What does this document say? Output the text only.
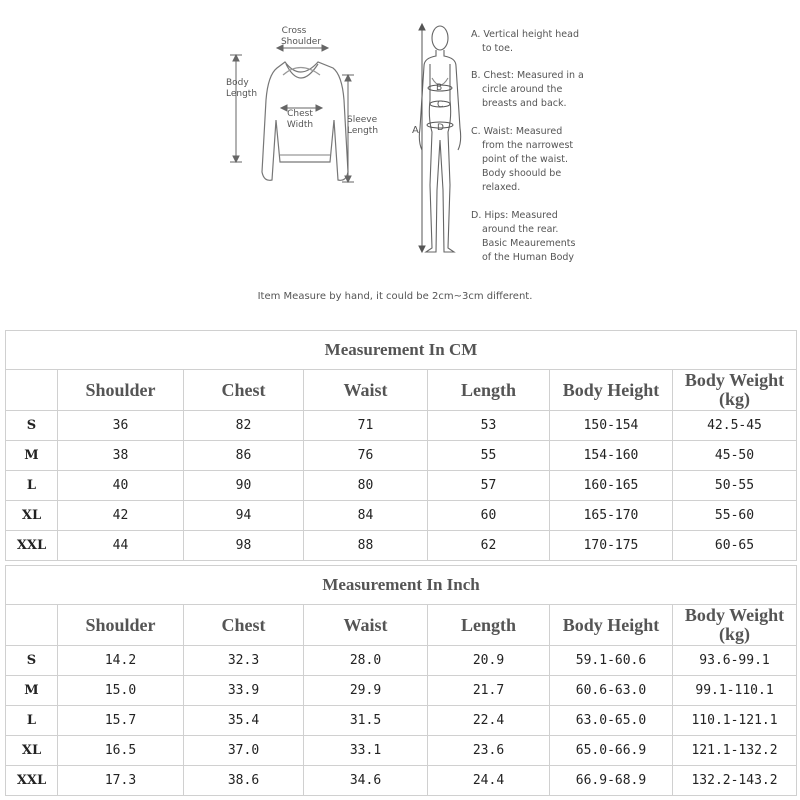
Cross
Shoulder
Body
Length
Chest
Width	Sleeve
Length	A
B
C
D
A. Vertical height head
to toe.
B. Chest: Measured in a
circle around the
breasts and back.
C. Waist: Measured
from the narrowest
point of the waist.
Body shoould be
relaxed.
D. Hips: Measured
around the rear.
Basic Meaurements
of the Human Body
Item Measure by hand, it could be 2cm~3cm different.
Measurement In CM						
	Shoulder	Chest	Waist	Length	Body Height	Body Weight (kg)
S	36	82	71	53	150-154	42.5-45
M	38	86	76	55	154-160	45-50
L	40	90	80	57	160-165	50-55
XL	42	94	84	60	165-170	55-60
XXL	44	98	88	62	170-175	60-65
Measurement In Inch						
	Shoulder	Chest	Waist	Length	Body Height	Body Weight (kg)
S	14.2	32.3	28.0	20.9	59.1-60.6	93.6-99.1
M	15.0	33.9	29.9	21.7	60.6-63.0	99.1-110.1
L	15.7	35.4	31.5	22.4	63.0-65.0	110.1-121.1
XL	16.5	37.0	33.1	23.6	65.0-66.9	121.1-132.2
XXL	17.3	38.6	34.6	24.4	66.9-68.9	132.2-143.2
